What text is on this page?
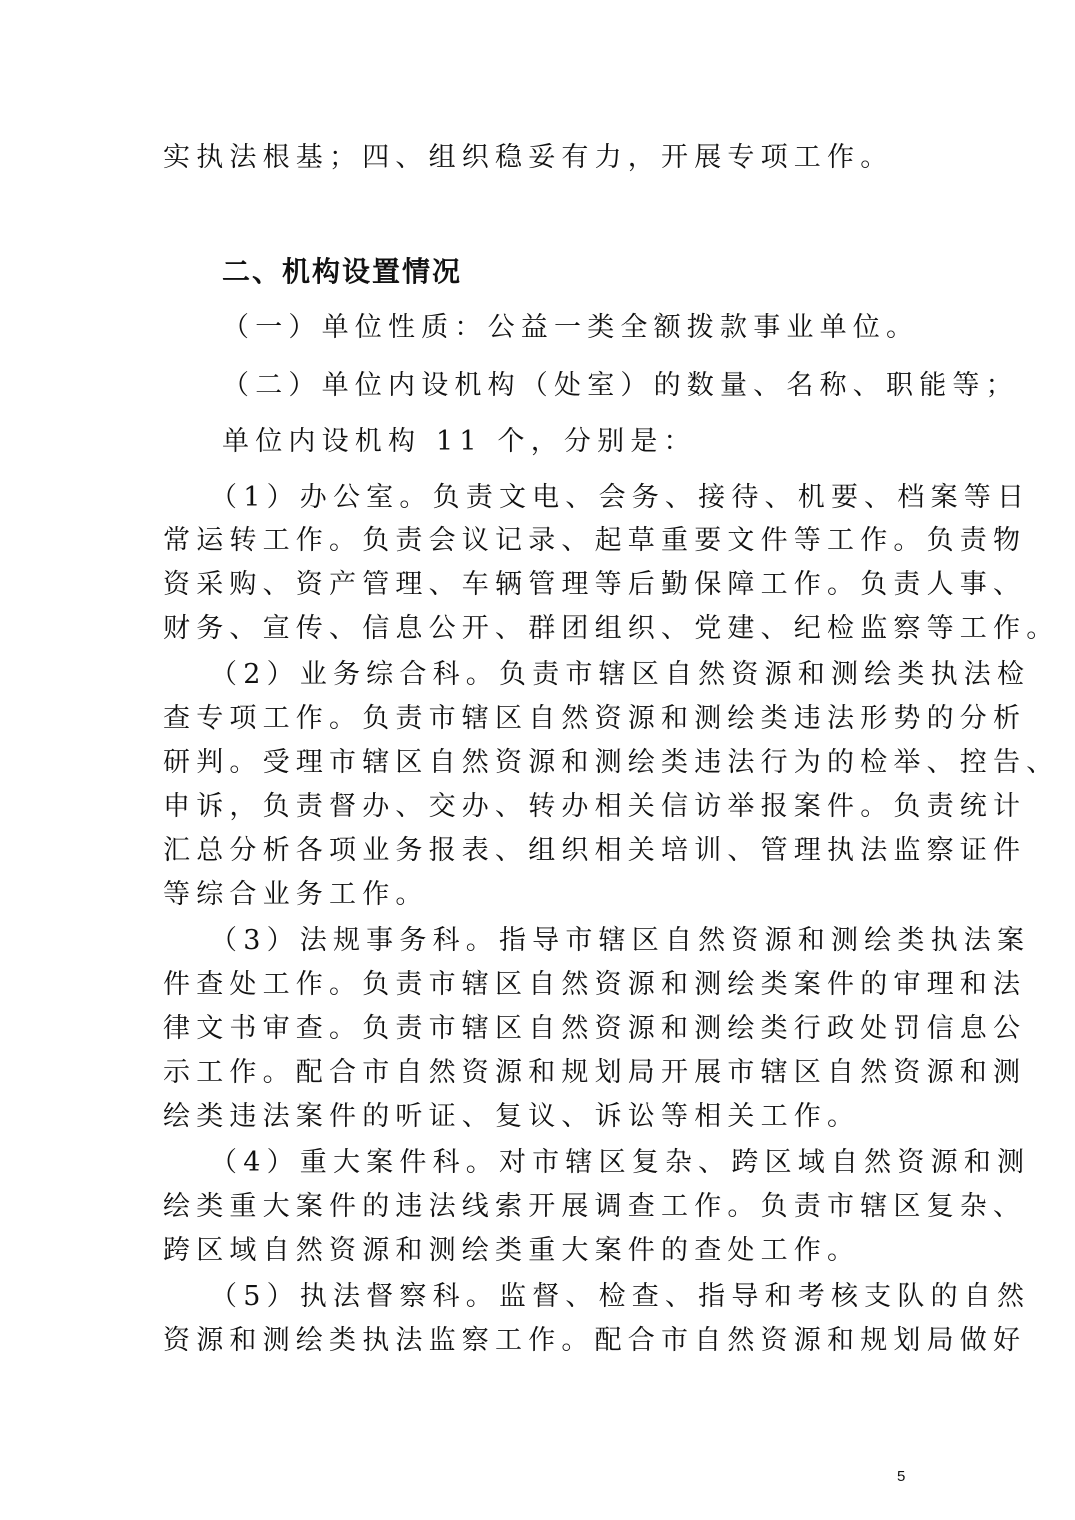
实执法根基；四、组织稳妥有力，开展专项工作。
二、机构设置情况
（一）单位性质：公益一类全额拨款事业单位。
（二）单位内设机构（处室）的数量、名称、职能等；
单位内设机构 11 个，分别是：
（1）办公室。负责文电、会务、接待、机要、档案等日
常运转工作。负责会议记录、起草重要文件等工作。负责物
资采购、资产管理、车辆管理等后勤保障工作。负责人事、
财务、宣传、信息公开、群团组织、党建、纪检监察等工作。
（2）业务综合科。负责市辖区自然资源和测绘类执法检
查专项工作。负责市辖区自然资源和测绘类违法形势的分析
研判。受理市辖区自然资源和测绘类违法行为的检举、控告、
申诉，负责督办、交办、转办相关信访举报案件。负责统计
汇总分析各项业务报表、组织相关培训、管理执法监察证件
等综合业务工作。
（3）法规事务科。指导市辖区自然资源和测绘类执法案
件查处工作。负责市辖区自然资源和测绘类案件的审理和法
律文书审查。负责市辖区自然资源和测绘类行政处罚信息公
示工作。配合市自然资源和规划局开展市辖区自然资源和测
绘类违法案件的听证、复议、诉讼等相关工作。
（4）重大案件科。对市辖区复杂、跨区域自然资源和测
绘类重大案件的违法线索开展调查工作。负责市辖区复杂、
跨区域自然资源和测绘类重大案件的查处工作。
（5）执法督察科。监督、检查、指导和考核支队的自然
资源和测绘类执法监察工作。配合市自然资源和规划局做好
5
